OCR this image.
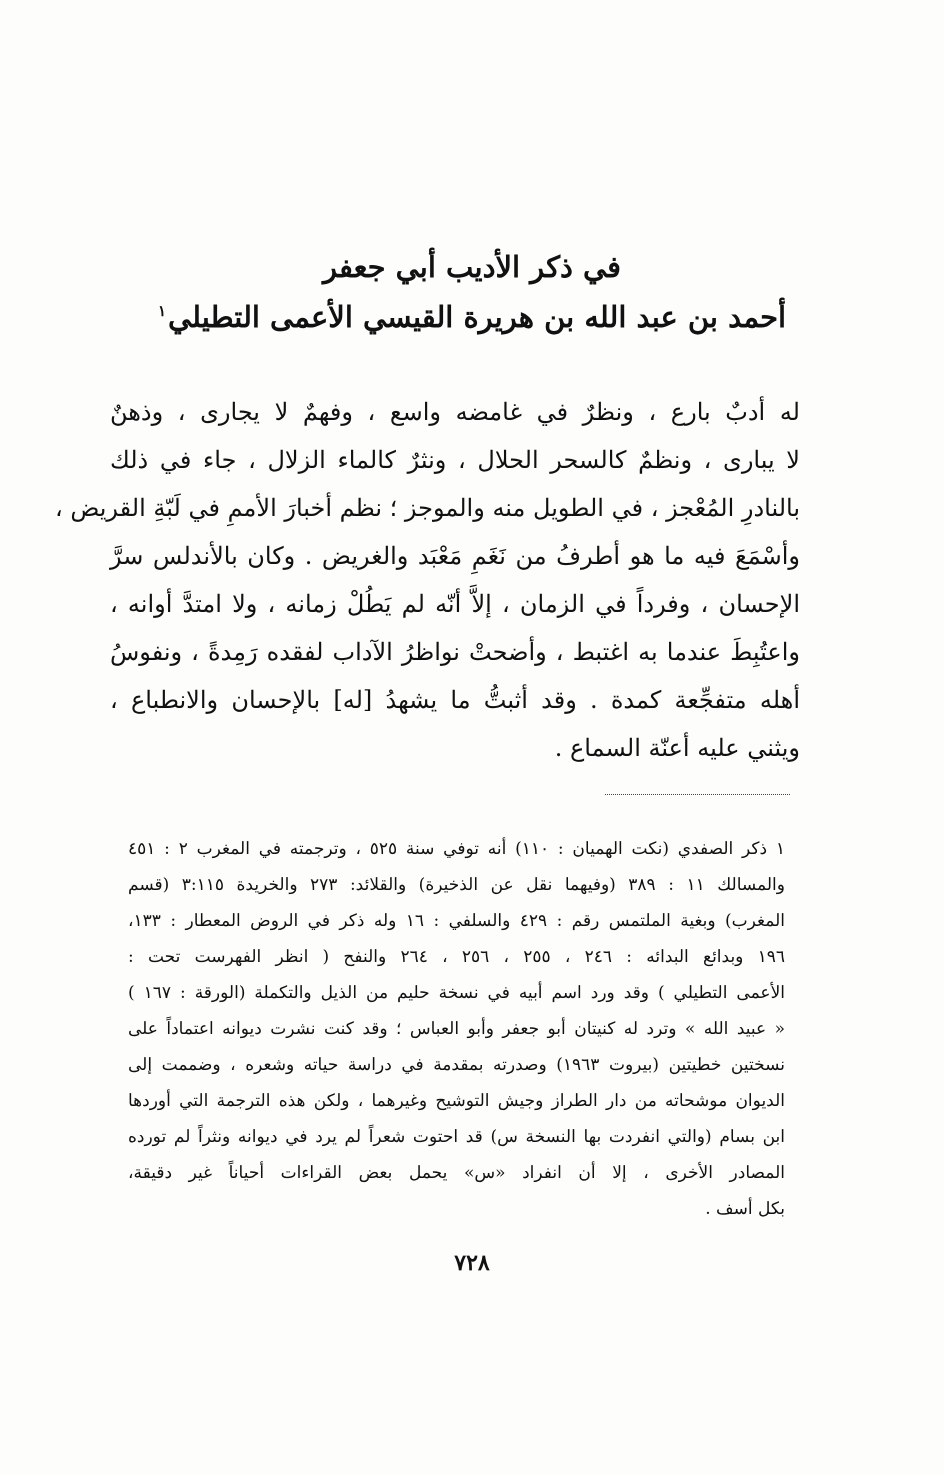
في ذكر الأديب أبي جعفر
أحمد بن عبد الله بن هريرة القيسي الأعمى التطيلي$^١$
له أدبٌ بارع ، ونظرٌ في غامضه واسع ، وفهمٌ لا يجارى ، وذهنٌ
لا يبارى ، ونظمٌ كالسحر الحلال ، ونثرٌ كالماء الزلال ، جاء في ذلك
بالنادرِ المُعْجز ، في الطويل منه والموجز ؛ نظم أخبارَ الأممِ في لَبّةِ القريض ،
وأسْمَعَ فيه ما هو أطرفُ من نَغَمِ مَعْبَد والغريض . وكان بالأندلس سرَّ
الإحسان ، وفرداً في الزمان ، إلاَّ أنّه لم يَطُلْ زمانه ، ولا امتدَّ أوانه ،
واعتُبِطَ عندما به اغتبط ، وأضحتْ نواظرُ الآداب لفقده رَمِدةً ، ونفوسُ
أهله متفجِّعة كمدة . وقد أثبتُّ ما يشهدُ [له] بالإحسان والانطباع ،
ويثني عليه أعنّة السماع .
١ ذكر الصفدي (نكت الهميان : ١١٠) أنه توفي سنة ٥٢٥ ، وترجمته في المغرب ٢ : ٤٥١
والمسالك ١١ : ٣٨٩ (وفيهما نقل عن الذخيرة) والقلائد: ٢٧٣ والخريدة ٣:١١٥ (قسم
المغرب) وبغية الملتمس رقم : ٤٢٩ والسلفي : ١٦ وله ذكر في الروض المعطار : ١٣٣،
١٩٦ وبدائع البدائه : ٢٤٦ ، ٢٥٥ ، ٢٥٦ ، ٢٦٤ والنفح ( انظر الفهرست تحت :
الأعمى التطيلي ) وقد ورد اسم أبيه في نسخة حليم من الذيل والتكملة (الورقة : ١٦٧ )
« عبيد الله » وترد له كنيتان أبو جعفر وأبو العباس ؛ وقد كنت نشرت ديوانه اعتماداً على
نسختين خطيتين (بيروت ١٩٦٣) وصدرته بمقدمة في دراسة حياته وشعره ، وضممت إلى
الديوان موشحاته من دار الطراز وجيش التوشيح وغيرهما ، ولكن هذه الترجمة التي أوردها
ابن بسام (والتي انفردت بها النسخة س) قد احتوت شعراً لم يرد في ديوانه ونثراً لم تورده
المصادر الأخرى ، إلا أن انفراد «س» يحمل بعض القراءات أحياناً غير دقيقة،
بكل أسف .
٧٢٨
